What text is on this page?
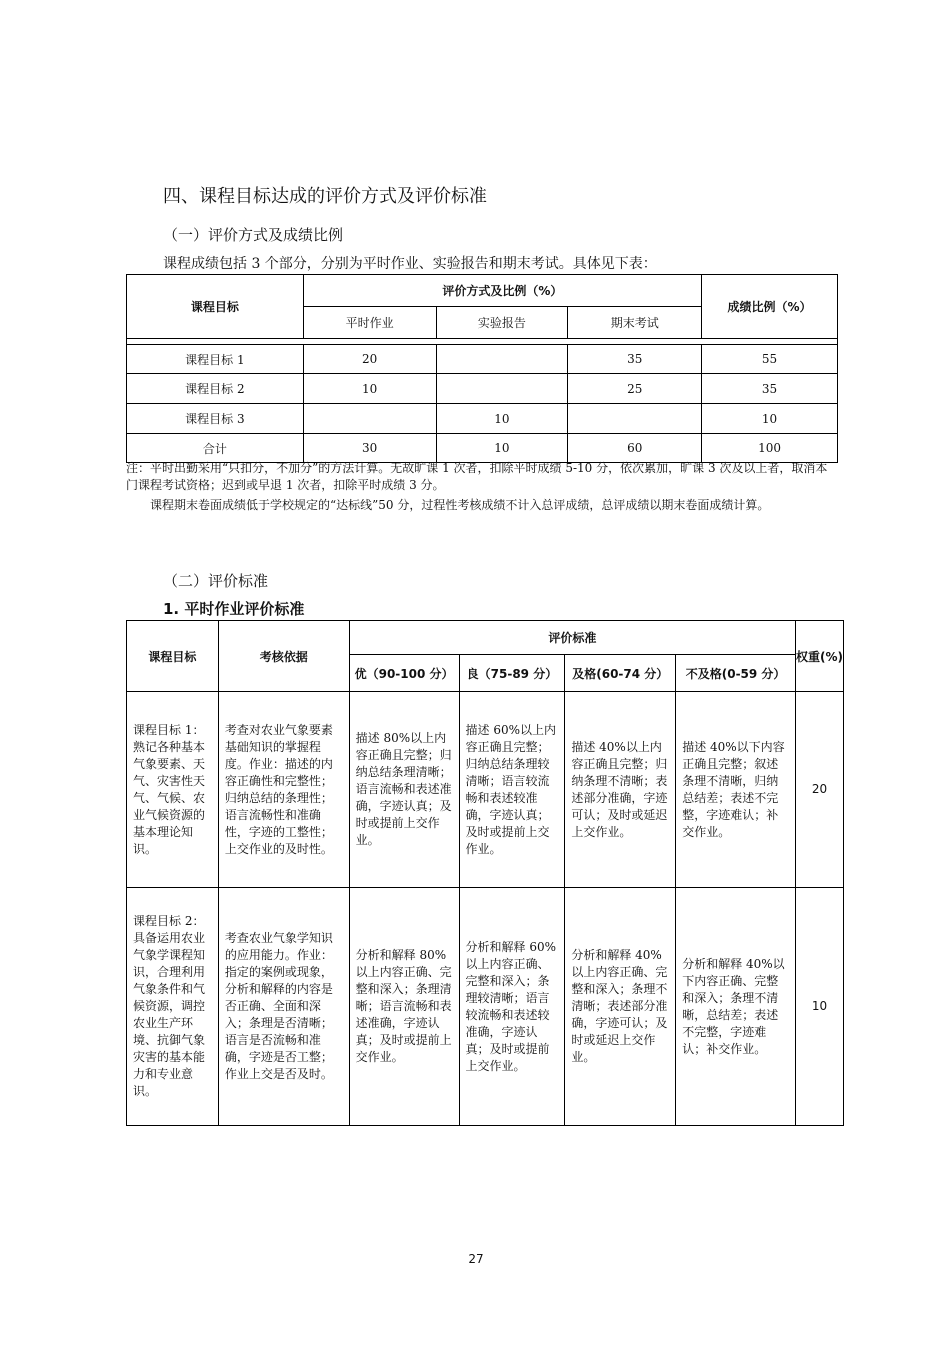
四、课程目标达成的评价方式及评价标准
（一）评价方式及成绩比例
课程成绩包括 3 个部分，分别为平时作业、实验报告和期末考试。具体见下表：
课程目标	评价方式及比例（%）			成绩比例（%）
	平时作业	实验报告	期末考试	

课程目标 1	20		35	55
课程目标 2	10		25	35
课程目标 3		10		10
合计	30	10	60	100
注：平时出勤采用“只扣分，不加分”的方法计算。无故旷课 1 次者，扣除平时成绩 5-10 分，依次累加，旷课 3 次及以上者，取消本门课程考试资格；迟到或早退 1 次者，扣除平时成绩 3 分。
课程期末卷面成绩低于学校规定的“达标线”50 分，过程性考核成绩不计入总评成绩，总评成绩以期末卷面成绩计算。
（二）评价标准
1. 平时作业评价标准
课程目标	考核依据	评价标准				权重(%)
		优（90-100 分）	良（75-89 分）	及格(60-74 分）	不及格(0-59 分）	
课程目标 1：熟记各种基本气象要素、天气、灾害性天气、气候、农业气候资源的基本理论知识。	考查对农业气象要素基础知识的掌握程度。作业：描述的内容正确性和完整性；归纳总结的条理性；语言流畅性和准确性，字迹的工整性；上交作业的及时性。	描述 80%以上内容正确且完整；归纳总结条理清晰；语言流畅和表述准确，字迹认真；及时或提前上交作业。	描述 60%以上内容正确且完整；归纳总结条理较清晰；语言较流畅和表述较准确，字迹认真；及时或提前上交作业。	描述 40%以上内容正确且完整；归纳条理不清晰；表述部分准确，字迹可认；及时或延迟上交作业。	描述 40%以下内容正确且完整；叙述条理不清晰，归纳总结差；表述不完整，字迹难认；补交作业。	20
课程目标 2：具备运用农业气象学课程知识，合理利用气象条件和气候资源，调控农业生产环境、抗御气象灾害的基本能力和专业意识。	考查农业气象学知识的应用能力。作业：指定的案例或现象，分析和解释的内容是否正确、全面和深入；条理是否清晰；语言是否流畅和准确，字迹是否工整；作业上交是否及时。	分析和解释 80%以上内容正确、完整和深入；条理清晰；语言流畅和表述准确，字迹认真；及时或提前上交作业。	分析和解释 60%以上内容正确、完整和深入；条理较清晰；语言较流畅和表述较准确，字迹认真；及时或提前上交作业。	分析和解释 40%以上内容正确、完整和深入；条理不清晰；表述部分准确，字迹可认；及时或延迟上交作业。	分析和解释 40%以下内容正确、完整和深入；条理不清晰，总结差；表述不完整，字迹难认；补交作业。	10
27
